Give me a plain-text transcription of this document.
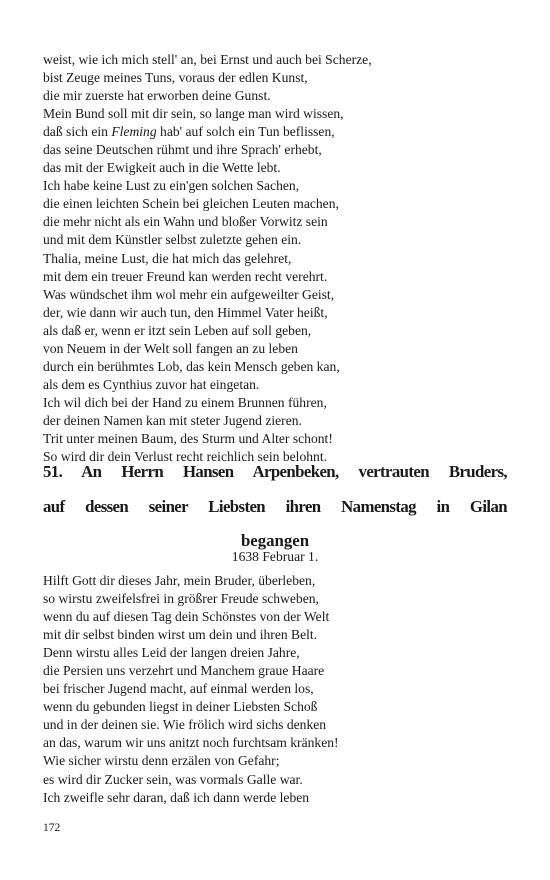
weist, wie ich mich stell' an, bei Ernst und auch bei Scherze,
bist Zeuge meines Tuns, voraus der edlen Kunst,
die mir zuerste hat erworben deine Gunst.
Mein Bund soll mit dir sein, so lange man wird wissen,
daß sich ein Fleming hab' auf solch ein Tun beflissen,
das seine Deutschen rühmt und ihre Sprach' erhebt,
das mit der Ewigkeit auch in die Wette lebt.
Ich habe keine Lust zu ein'gen solchen Sachen,
die einen leichten Schein bei gleichen Leuten machen,
die mehr nicht als ein Wahn und bloßer Vorwitz sein
und mit dem Künstler selbst zuletzte gehen ein.
Thalia, meine Lust, die hat mich das gelehret,
mit dem ein treuer Freund kan werden recht verehrt.
Was wündschet ihm wol mehr ein aufgeweilter Geist,
der, wie dann wir auch tun, den Himmel Vater heißt,
als daß er, wenn er itzt sein Leben auf soll geben,
von Neuem in der Welt soll fangen an zu leben
durch ein berühmtes Lob, das kein Mensch geben kan,
als dem es Cynthius zuvor hat eingetan.
Ich wil dich bei der Hand zu einem Brunnen führen,
der deinen Namen kan mit steter Jugend zieren.
Trit unter meinen Baum, des Sturm und Alter schont!
So wird dir dein Verlust recht reichlich sein belohnt.
51. An Herrn Hansen Arpenbeken, vertrauten Bruders,
auf dessen seiner Liebsten ihren Namenstag in Gilan
begangen
1638 Februar 1.
Hilft Gott dir dieses Jahr, mein Bruder, überleben,
so wirstu zweifelsfrei in größrer Freude schweben,
wenn du auf diesen Tag dein Schönstes von der Welt
mit dir selbst binden wirst um dein und ihren Belt.
Denn wirstu alles Leid der langen dreien Jahre,
die Persien uns verzehrt und Manchem graue Haare
bei frischer Jugend macht, auf einmal werden los,
wenn du gebunden liegst in deiner Liebsten Schoß
und in der deinen sie. Wie frölich wird sichs denken
an das, warum wir uns anitzt noch furchtsam kränken!
Wie sicher wirstu denn erzälen von Gefahr;
es wird dir Zucker sein, was vormals Galle war.
Ich zweifle sehr daran, daß ich dann werde leben
172
